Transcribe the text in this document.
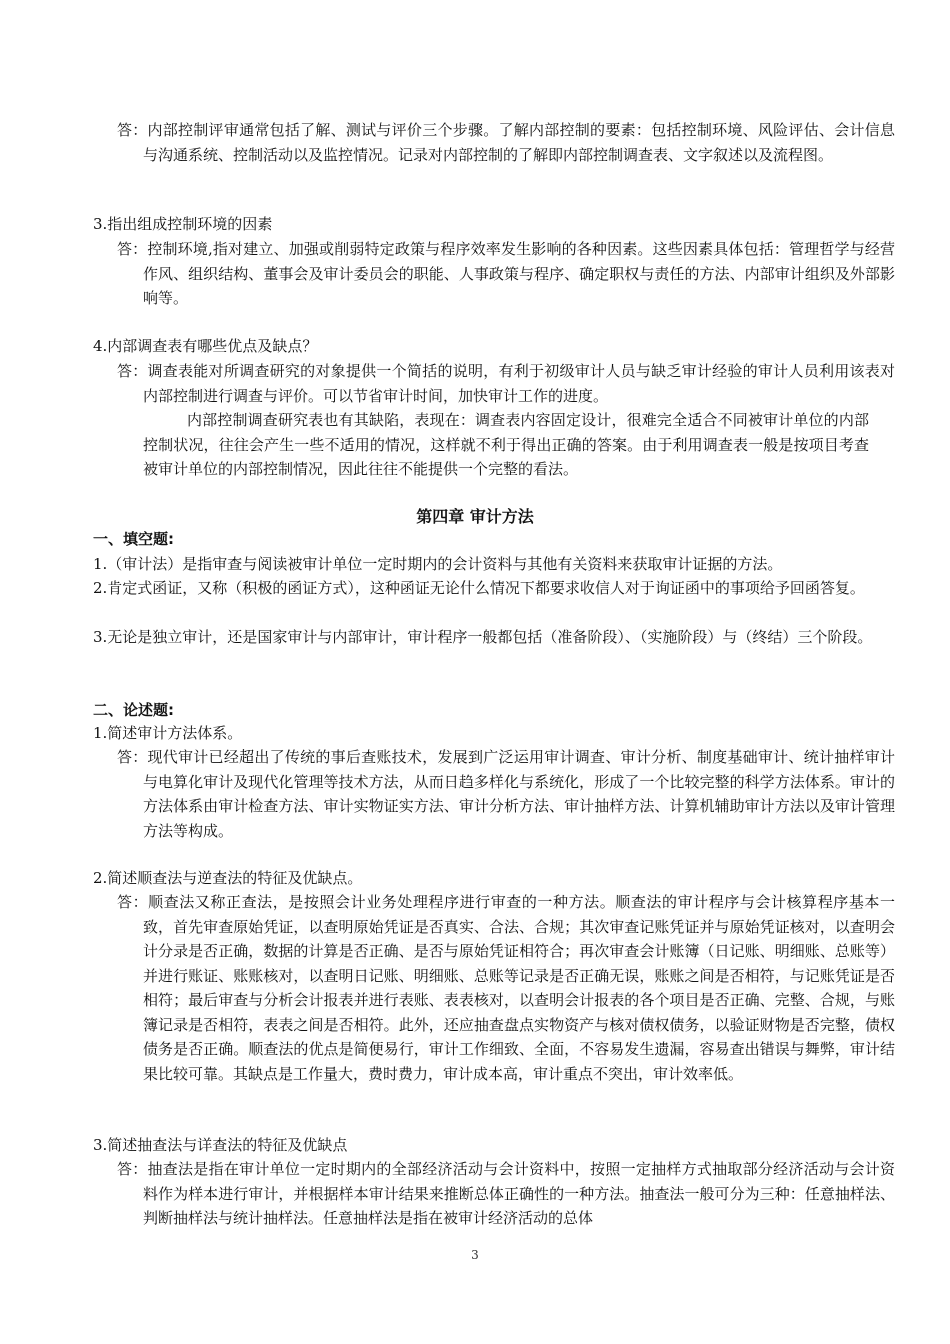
答：内部控制评审通常包括了解、测试与评价三个步骤。了解内部控制的要素：包括控制环境、风险评估、会计信息与沟通系统、控制活动以及监控情况。记录对内部控制的了解即内部控制调查表、文字叙述以及流程图。

3.指出组成控制环境的因素

答：控制环境,指对建立、加强或削弱特定政策与程序效率发生影响的各种因素。这些因素具体包括：管理哲学与经营作风、组织结构、董事会及审计委员会的职能、人事政策与程序、确定职权与责任的方法、内部审计组织及外部影响等。

4.内部调查表有哪些优点及缺点？

答：调查表能对所调查研究的对象提供一个简括的说明，有利于初级审计人员与缺乏审计经验的审计人员利用该表对内部控制进行调查与评价。可以节省审计时间，加快审计工作的进度。

内部控制调查研究表也有其缺陷，表现在：调查表内容固定设计，很难完全适合不同被审计单位的内部控制状况，往往会产生一些不适用的情况，这样就不利于得出正确的答案。由于利用调查表一般是按项目考查被审计单位的内部控制情况，因此往往不能提供一个完整的看法。

第四章 审计方法
一、填空题:

1.（审计法）是指审查与阅读被审计单位一定时期内的会计资料与其他有关资料来获取审计证据的方法。

2.肯定式函证，又称（积极的函证方式），这种函证无论什么情况下都要求收信人对于询证函中的事项给予回函答复。

3.无论是独立审计，还是国家审计与内部审计，审计程序一般都包括（准备阶段）、（实施阶段）与（终结）三个阶段。

二、论述题:

1.简述审计方法体系。

答：现代审计已经超出了传统的事后查账技术，发展到广泛运用审计调查、审计分析、制度基础审计、统计抽样审计与电算化审计及现代化管理等技术方法，从而日趋多样化与系统化，形成了一个比较完整的科学方法体系。审计的方法体系由审计检查方法、审计实物证实方法、审计分析方法、审计抽样方法、计算机辅助审计方法以及审计管理方法等构成。

2.简述顺查法与逆查法的特征及优缺点。

答：顺查法又称正查法，是按照会计业务处理程序进行审查的一种方法。顺查法的审计程序与会计核算程序基本一致，首先审查原始凭证，以查明原始凭证是否真实、合法、合规；其次审查记账凭证并与原始凭证核对，以查明会计分录是否正确，数据的计算是否正确、是否与原始凭证相符合；再次审查会计账簿（日记账、明细账、总账等）并进行账证、账账核对，以查明日记账、明细账、总账等记录是否正确无误，账账之间是否相符，与记账凭证是否相符；最后审查与分析会计报表并进行表账、表表核对，以查明会计报表的各个项目是否正确、完整、合规，与账簿记录是否相符，表表之间是否相符。此外，还应抽查盘点实物资产与核对债权债务，以验证财物是否完整，债权债务是否正确。顺查法的优点是简便易行，审计工作细致、全面，不容易发生遗漏，容易查出错误与舞弊，审计结果比较可靠。其缺点是工作量大，费时费力，审计成本高，审计重点不突出，审计效率低。

3.简述抽查法与详查法的特征及优缺点

答：抽查法是指在审计单位一定时期内的全部经济活动与会计资料中，按照一定抽样方式抽取部分经济活动与会计资料作为样本进行审计，并根据样本审计结果来推断总体正确性的一种方法。抽查法一般可分为三种：任意抽样法、判断抽样法与统计抽样法。任意抽样法是指在被审计经济活动的总体

3
